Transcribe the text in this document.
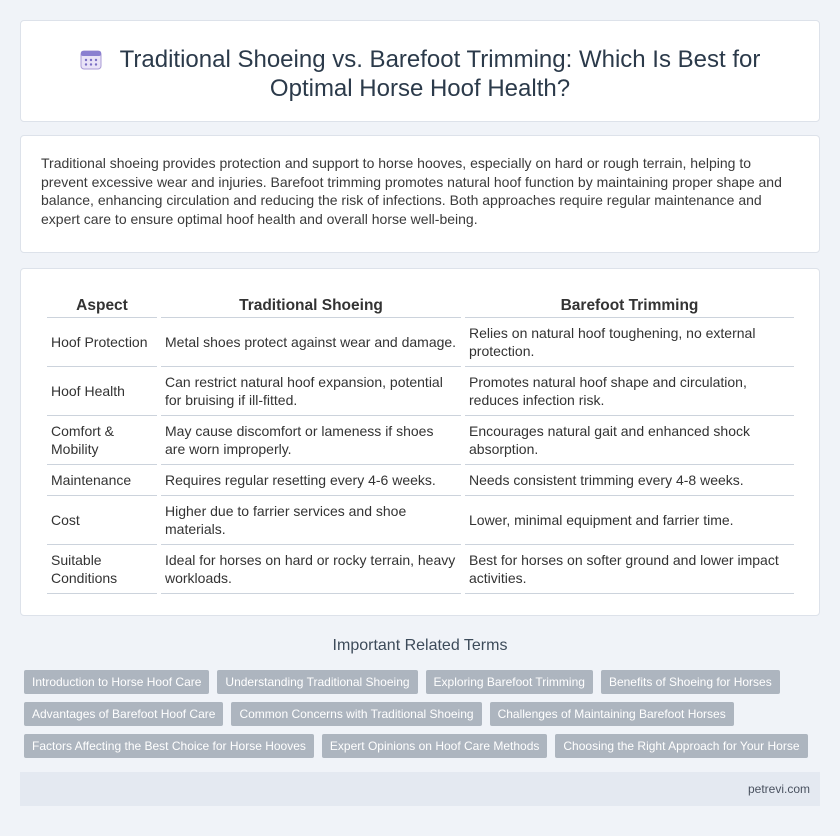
Traditional Shoeing vs. Barefoot Trimming: Which Is Best for
Optimal Horse Hoof Health?

Traditional shoeing provides protection and support to horse hooves, especially on hard or rough terrain, helping to prevent excessive wear and injuries. Barefoot trimming promotes natural hoof function by maintaining proper shape and balance, enhancing circulation and reducing the risk of infections. Both approaches require regular maintenance and expert care to ensure optimal hoof health and overall horse well-being.

Aspect	Traditional Shoeing	Barefoot Trimming
Hoof Protection	Metal shoes protect against wear and damage.	Relies on natural hoof toughening, no external protection.
Hoof Health	Can restrict natural hoof expansion, potential for bruising if ill-fitted.	Promotes natural hoof shape and circulation, reduces infection risk.
Comfort & Mobility	May cause discomfort or lameness if shoes are worn improperly.	Encourages natural gait and enhanced shock absorption.
Maintenance	Requires regular resetting every 4-6 weeks.	Needs consistent trimming every 4-8 weeks.
Cost	Higher due to farrier services and shoe materials.	Lower, minimal equipment and farrier time.
Suitable Conditions	Ideal for horses on hard or rocky terrain, heavy workloads.	Best for horses on softer ground and lower impact activities.
Important Related Terms
Introduction to Horse Hoof Care	Understanding Traditional Shoeing	Exploring Barefoot Trimming	Benefits of Shoeing for Horses
Advantages of Barefoot Hoof Care	Common Concerns with Traditional Shoeing	Challenges of Maintaining Barefoot Horses
Factors Affecting the Best Choice for Horse Hooves	Expert Opinions on Hoof Care Methods	Choosing the Right Approach for Your Horse
petrevi.com
